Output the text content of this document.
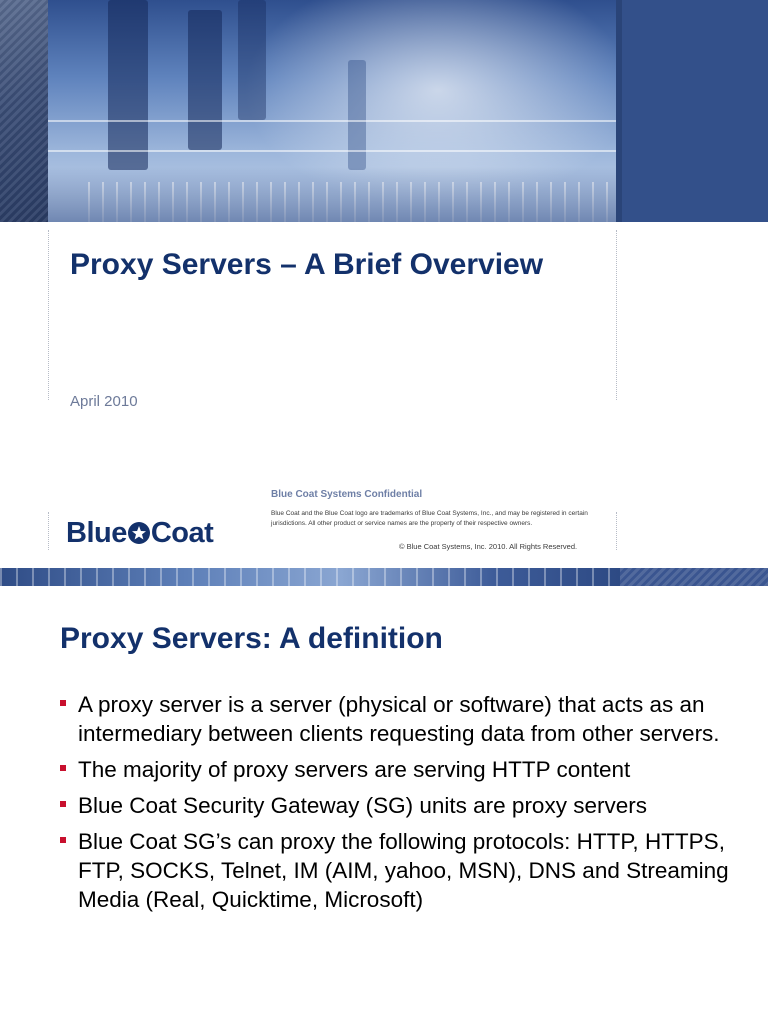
Proxy Servers – A Brief Overview
April 2010
Blue Coat Systems Confidential
Blue Coat and the Blue Coat logo are trademarks of Blue Coat Systems, Inc., and may be registered in certain jurisdictions. All other product or service names are the property of their respective owners.
© Blue Coat Systems, Inc. 2010. All Rights Reserved.
Blue Coat
Proxy Servers: A definition
A proxy server is a server (physical or software) that acts as an intermediary between clients requesting data from other servers.
The majority of proxy servers are serving HTTP content
Blue Coat Security Gateway (SG) units are proxy servers
Blue Coat SG’s can proxy the following protocols: HTTP, HTTPS, FTP, SOCKS, Telnet, IM (AIM, yahoo, MSN), DNS and Streaming Media (Real, Quicktime, Microsoft)
